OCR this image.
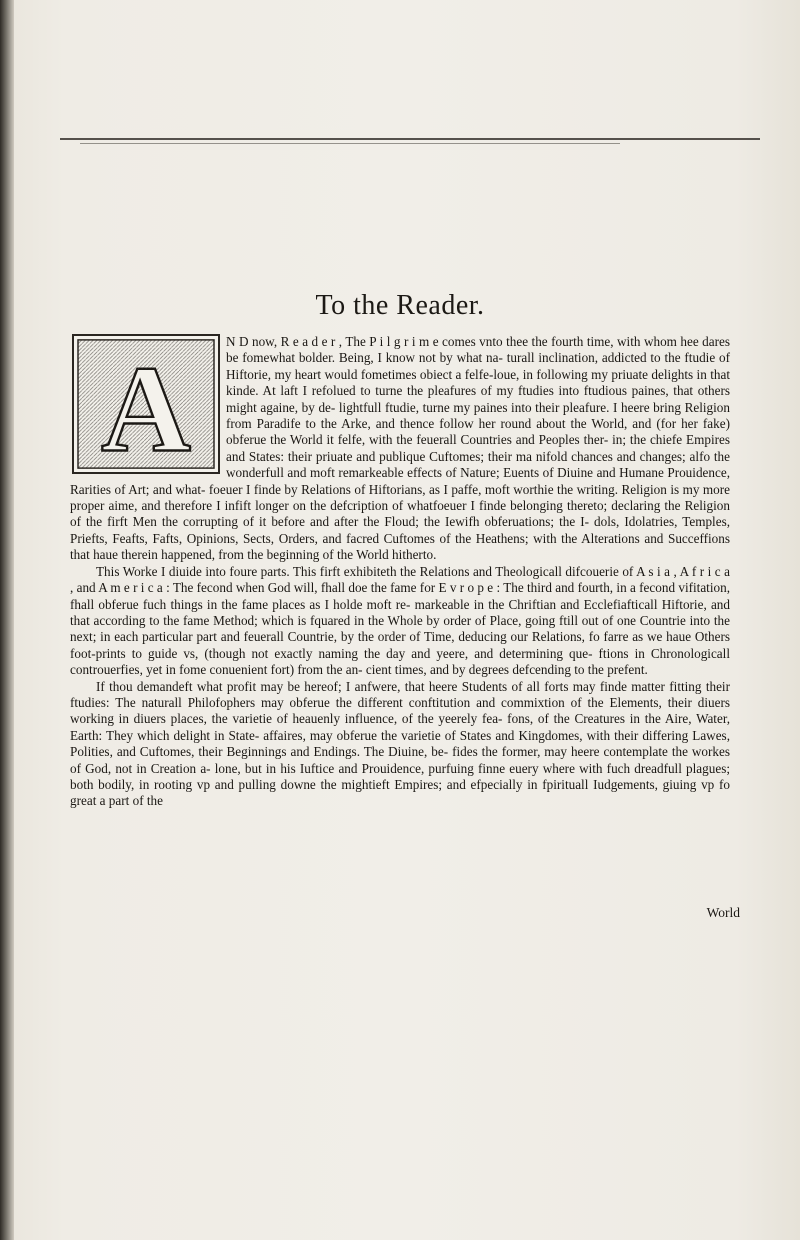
To the Reader.
A	N D now, R e a d e r , The P i l g r i m e comes vnto thee the fourth time, with whom hee dares be fomewhat bolder. Being, I know not by what na- turall inclination, addicted to the ftudie of Hiftorie, my heart would fometimes obiect a felfe-loue, in following my priuate delights in that kinde. At laft I refolued to turne the pleafures of my ftudies into ftudious paines, that others might againe, by de- lightfull ftudie, turne my paines into their pleafure. I heere bring Religion from Paradife to the Arke, and thence follow her round about the World, and (for her fake) obferue the World it felfe, with the feuerall Countries and Peoples ther- in; the chiefe Empires and States: their priuate and publique Cuftomes; their ma nifold chances and changes; alfo the wonderfull and moft remarkeable effects of Nature; Euents of Diuine and Humane Prouidence, Rarities of Art; and what- foeuer I finde by Relations of Hiftorians, as I paffe, moft worthie the writing. Religion is my more proper aime, and therefore I infift longer on the defcription of whatfoeuer I finde belonging thereto; declaring the Religion of the firft Men the corrupting of it before and after the Floud; the Iewifh obferuations; the I- dols, Idolatries, Temples, Priefts, Feafts, Fafts, Opinions, Sects, Orders, and facred Cuftomes of the Heathens; with the Alterations and Succeffions that haue therein happened, from the beginning of the World hitherto.

This Worke I diuide into foure parts. This firft exhibiteth the Relations and Theologicall difcouerie of A s i a , A f r i c a , and A m e r i c a : The fecond when God will, fhall doe the fame for E v r o p e : The third and fourth, in a fecond vifitation, fhall obferue fuch things in the fame places as I holde moft re- markeable in the Chriftian and Ecclefiafticall Hiftorie, and that according to the fame Method; which is fquared in the Whole by order of Place, going ftill out of one Countrie into the next; in each particular part and feuerall Countrie, by the order of Time, deducing our Relations, fo farre as we haue Others foot-prints to guide vs, (though not exactly naming the day and yeere, and determining que- ftions in Chronologicall controuerfies, yet in fome conuenient fort) from the an- cient times, and by degrees defcending to the prefent.

If thou demandeft what profit may be hereof; I anfwere, that heere Students of all forts may finde matter fitting their ftudies: The naturall Philofophers may obferue the different conftitution and commixtion of the Elements, their diuers working in diuers places, the varietie of heauenly influence, of the yeerely fea- fons, of the Creatures in the Aire, Water, Earth: They which delight in State- affaires, may obferue the varietie of States and Kingdomes, with their differing Lawes, Polities, and Cuftomes, their Beginnings and Endings. The Diuine, be- fides the former, may heere contemplate the workes of God, not in Creation a- lone, but in his Iuftice and Prouidence, purfuing finne euery where with fuch dreadfull plagues; both bodily, in rooting vp and pulling downe the mightieft Empires; and efpecially in fpirituall Iudgements, giuing vp fo great a part of the

World
